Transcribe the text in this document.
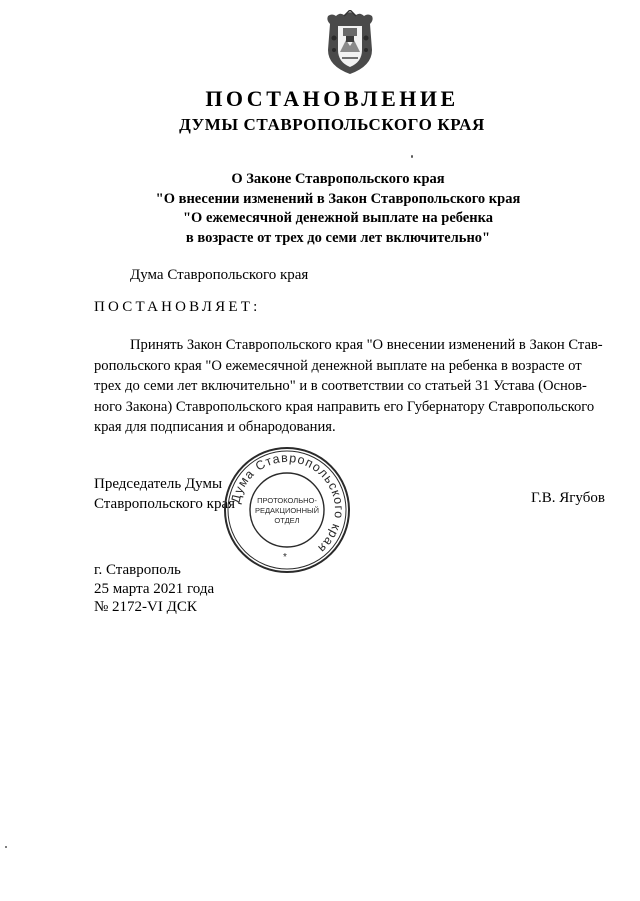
ПОСТАНОВЛЕНИЕ
ДУМЫ СТАВРОПОЛЬСКОГО КРАЯ
О Законе Ставропольского края
"О внесении изменений в Закон Ставропольского края
"О ежемесячной денежной выплате на ребенка
в возрасте от трех до семи лет включительно"
Дума Ставропольского края
ПОСТАНОВЛЯЕТ:
Принять Закон Ставропольского края "О внесении изменений в Закон Став-
ропольского края "О ежемесячной денежной выплате на ребенка в возрасте от
трех до семи лет включительно" и в соответствии со статьей 31 Устава (Основ-
ного Закона) Ставропольского края направить его Губернатору Ставропольского
края для подписания и обнародования.
Председатель Думы
Ставропольского края	Г.В. Ягубов
Дума Ставропольского края
ПРОТОКОЛЬНО-
РЕДАКЦИОННЫЙ
ОТДЕЛ
*
г. Ставрополь
25 марта 2021 года
№ 2172-VI ДСК
